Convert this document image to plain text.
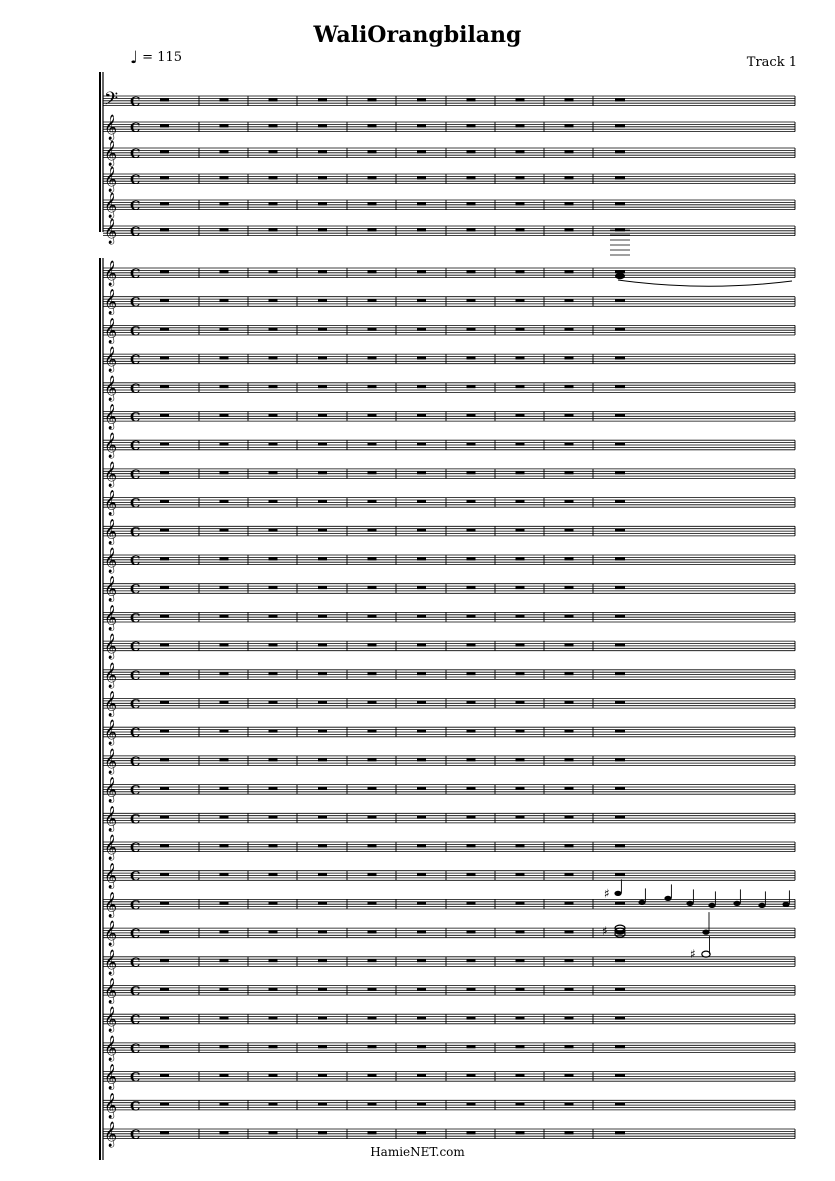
WaliOrangbilang
Track 1
♩ = 115
𝄢 C
𝄞 C
𝄞 C
𝄞 C
𝄞 C
𝄞 C
𝄞 C
𝄞 C
𝄞 C
𝄞 C
𝄞 C
𝄞 C
𝄞 C
𝄞 C
𝄞 C
𝄞 C
𝄞 C
𝄞 C
𝄞 C
𝄞 C
𝄞 C
𝄞 C
𝄞 C
𝄞 C
𝄞 C
𝄞 C
𝄞 C
𝄞 C
𝄞 C
𝄞 C
𝄞 C
𝄞 C
𝄞 C
𝄞 C
𝄞 C
𝄞 C
𝄞 C
♯
♯
♯
HamieNET.com
